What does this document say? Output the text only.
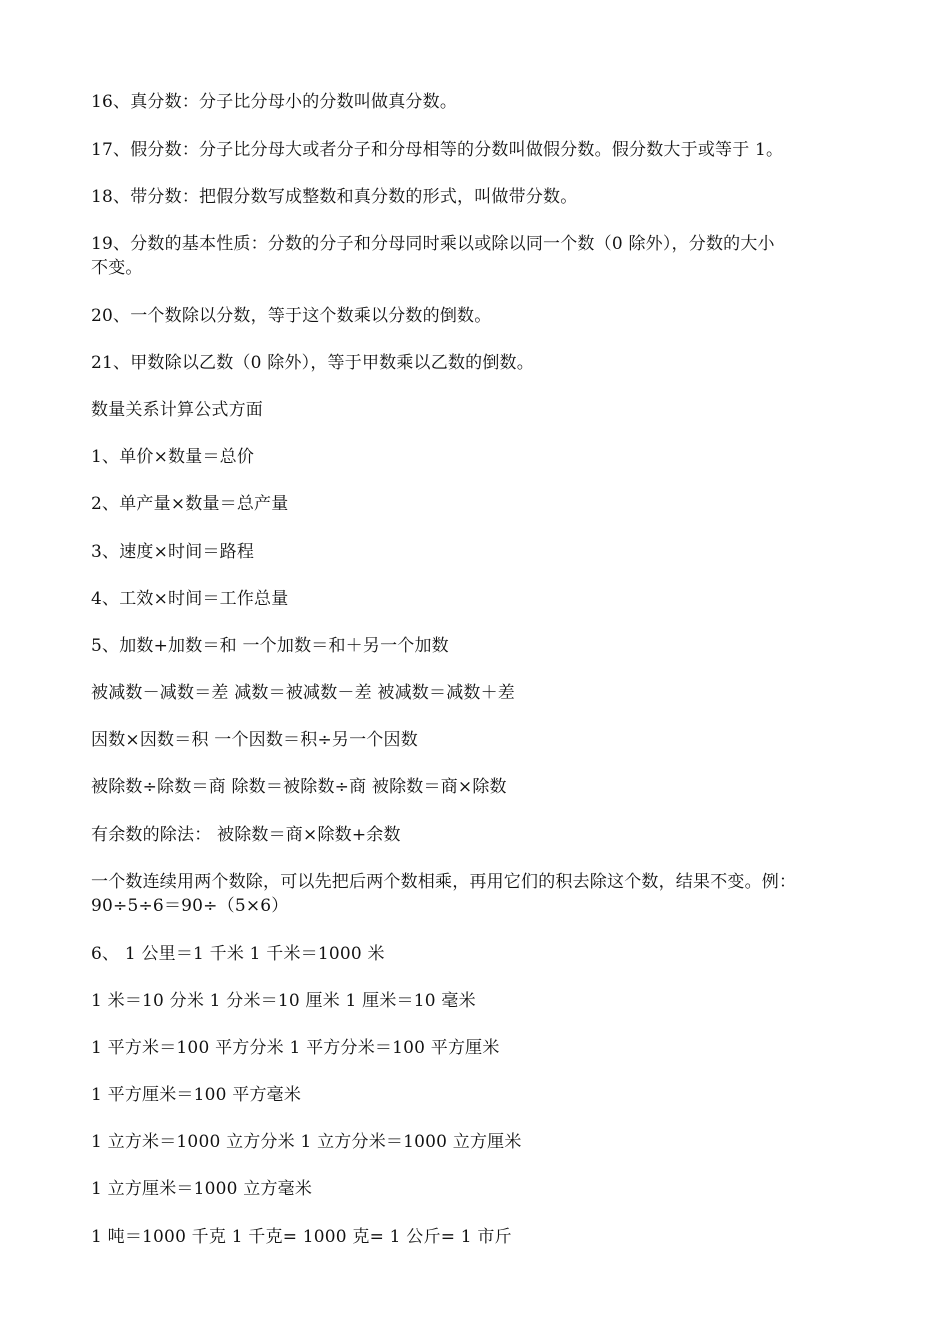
16、真分数：分子比分母小的分数叫做真分数。
17、假分数：分子比分母大或者分子和分母相等的分数叫做假分数。假分数大于或等于 1。
18、带分数：把假分数写成整数和真分数的形式，叫做带分数。
19、分数的基本性质：分数的分子和分母同时乘以或除以同一个数（0 除外），分数的大小
不变。
20、一个数除以分数，等于这个数乘以分数的倒数。
21、甲数除以乙数（0 除外），等于甲数乘以乙数的倒数。
数量关系计算公式方面
1、单价×数量＝总价
2、单产量×数量＝总产量
3、速度×时间＝路程
4、工效×时间＝工作总量
5、加数+加数＝和 一个加数＝和＋另一个加数
被减数－减数＝差 减数＝被减数－差 被减数＝减数＋差
因数×因数＝积 一个因数＝积÷另一个因数
被除数÷除数＝商 除数＝被除数÷商 被除数＝商×除数
有余数的除法： 被除数＝商×除数+余数
一个数连续用两个数除，可以先把后两个数相乘，再用它们的积去除这个数，结果不变。例：
90÷5÷6＝90÷（5×6）
6、 1 公里＝1 千米 1 千米＝1000 米
1 米＝10 分米 1 分米＝10 厘米 1 厘米＝10 毫米
1 平方米＝100 平方分米 1 平方分米＝100 平方厘米
1 平方厘米＝100 平方毫米
1 立方米＝1000 立方分米 1 立方分米＝1000 立方厘米
1 立方厘米＝1000 立方毫米
1 吨＝1000 千克 1 千克= 1000 克= 1 公斤= 1 市斤
